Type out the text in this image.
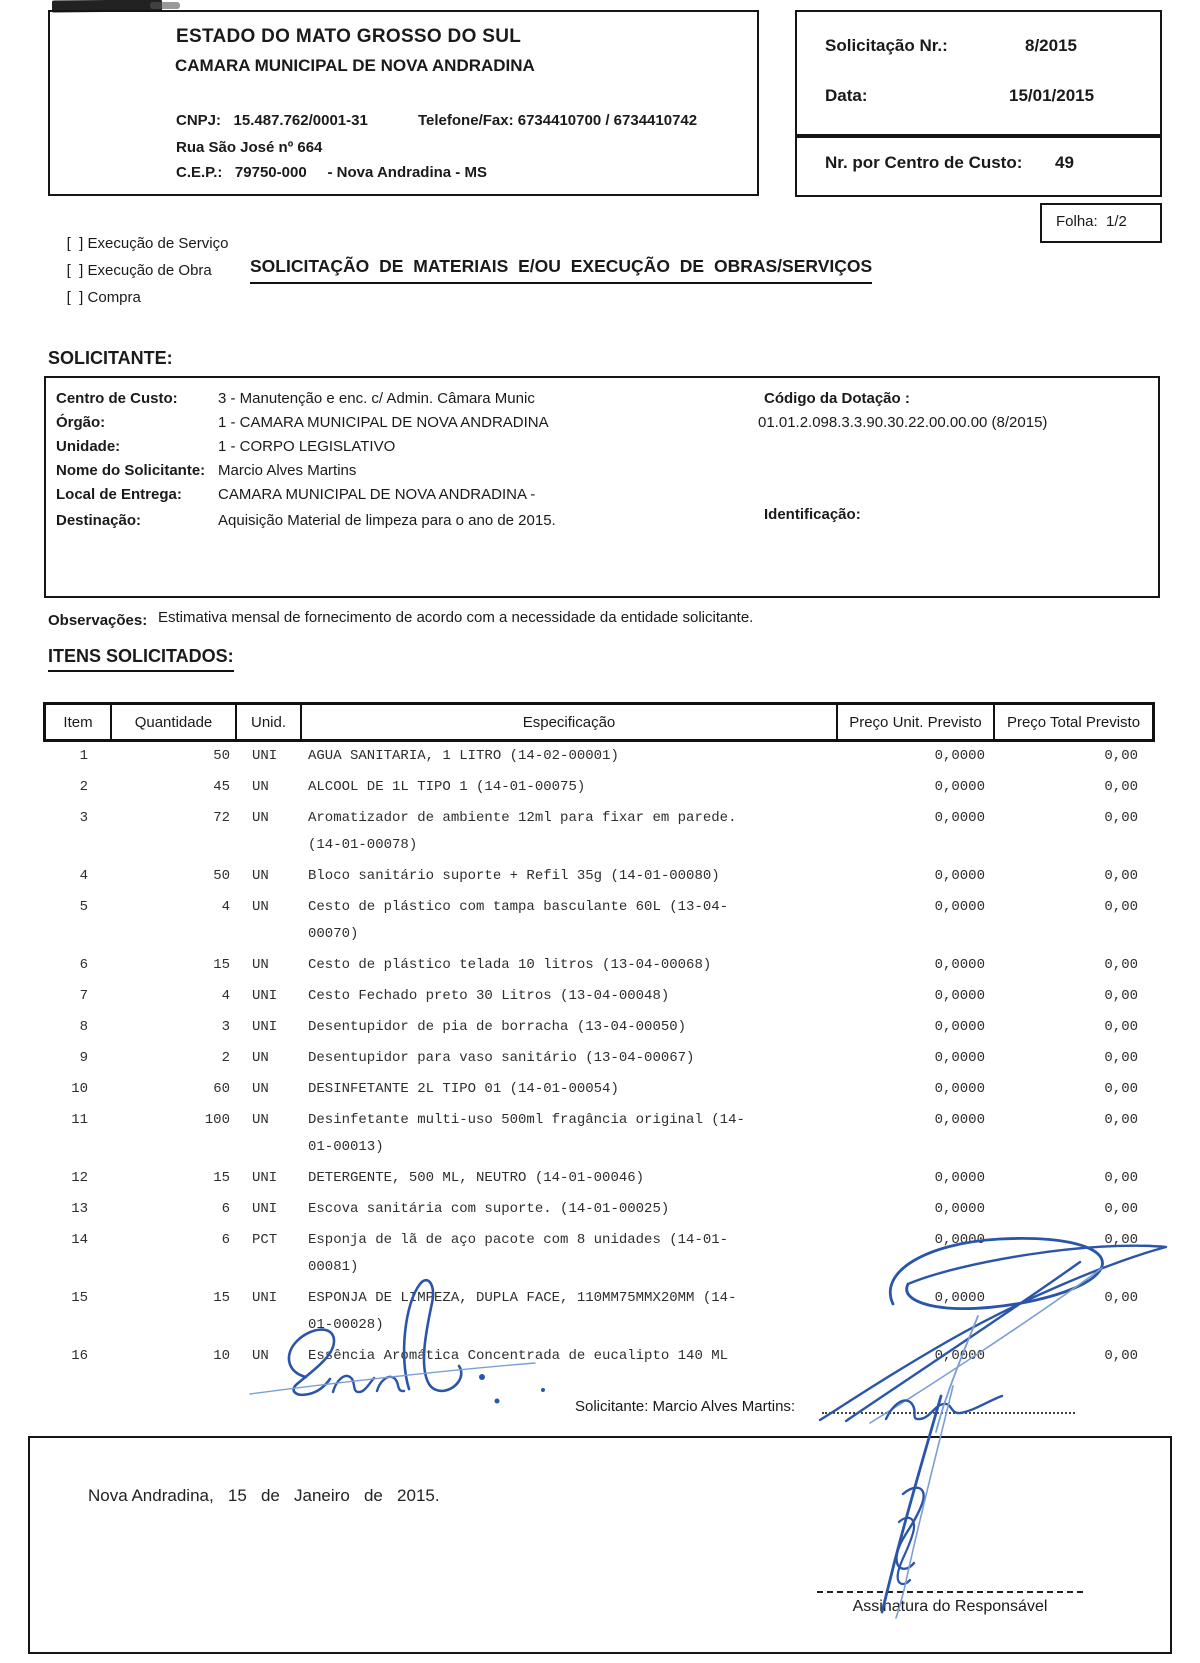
ESTADO DO MATO GROSSO DO SUL
CAMARA MUNICIPAL DE NOVA ANDRADINA
CNPJ: 15.487.762/0001-31	Telefone/Fax: 6734410700 / 6734410742
Rua São José nº 664
C.E.P.: 79750-000 - Nova Andradina - MS
Solicitação Nr.:	8/2015
Data:	15/01/2015
Nr. por Centro de Custo: 49
Folha: 1/2

[  ] Execução de Serviço

[  ] Execução de Obra

[  ] Compra

SOLICITAÇÃO DE MATERIAIS E/OU EXECUÇÃO DE OBRAS/SERVIÇOS
SOLICITANTE:
Centro de Custo:	3 - Manutenção e enc. c/ Admin. Câmara Munic
Órgão:	1 - CAMARA MUNICIPAL DE NOVA ANDRADINA
Unidade:	1 - CORPO LEGISLATIVO
Nome do Solicitante: Marcio Alves Martins
Local de Entrega: CAMARA MUNICIPAL DE NOVA ANDRADINA -
Destinação:	Aquisição Material de limpeza para o ano de 2015.
Código da Dotação :
01.01.2.098.3.3.90.30.22.00.00.00 (8/2015)
Identificação:
Observações: Estimativa mensal de fornecimento de acordo com a necessidade da entidade solicitante.
ITENS SOLICITADOS:
Item	Quantidade	Unid.	Especificação	Preço Unit. Previsto	Preço Total Previsto
1	50 UNI	AGUA SANITARIA, 1 LITRO (14-02-00001)	0,0000	0,00
2	45 UN	ALCOOL DE 1L TIPO 1 (14-01-00075)	0,0000	0,00
3	72 UN	Aromatizador de ambiente 12ml para fixar em parede.	0,0000	0,00
(14-01-00078)
4	50 UN	Bloco sanitário suporte + Refil 35g (14-01-00080)	0,0000	0,00
5	4 UN	Cesto de plástico com tampa basculante 60L (13-04-	0,0000	0,00
00070)
6	15 UN	Cesto de plástico telada 10 litros (13-04-00068)	0,0000	0,00
7	4 UNI	Cesto Fechado preto 30 Litros (13-04-00048)	0,0000	0,00
8	3 UNI	Desentupidor de pia de borracha (13-04-00050)	0,0000	0,00
9	2 UN	Desentupidor para vaso sanitário (13-04-00067)	0,0000	0,00
10	60 UN	DESINFETANTE 2L TIPO 01 (14-01-00054)	0,0000	0,00
11	100 UN	Desinfetante multi-uso 500ml fragância original (14-	0,0000	0,00
01-00013)
12	15 UNI	DETERGENTE, 500 ML, NEUTRO (14-01-00046)	0,0000	0,00
13	6 UNI	Escova sanitária com suporte. (14-01-00025)	0,0000	0,00
14	6 PCT	Esponja de lã de aço pacote com 8 unidades (14-01-	0,0000	0,00
00081)
15	15 UNI	ESPONJA DE LIMPEZA, DUPLA FACE, 110MM75MMX20MM (14-	0,0000	0,00
01-00028)
16	10 UN	Essência Aromática Concentrada de eucalipto 140 ML	0,0000	0,00
Solicitante: Marcio Alves Martins:
Nova Andradina,   15   de   Janeiro   de   2015.
Assinatura do Responsável
